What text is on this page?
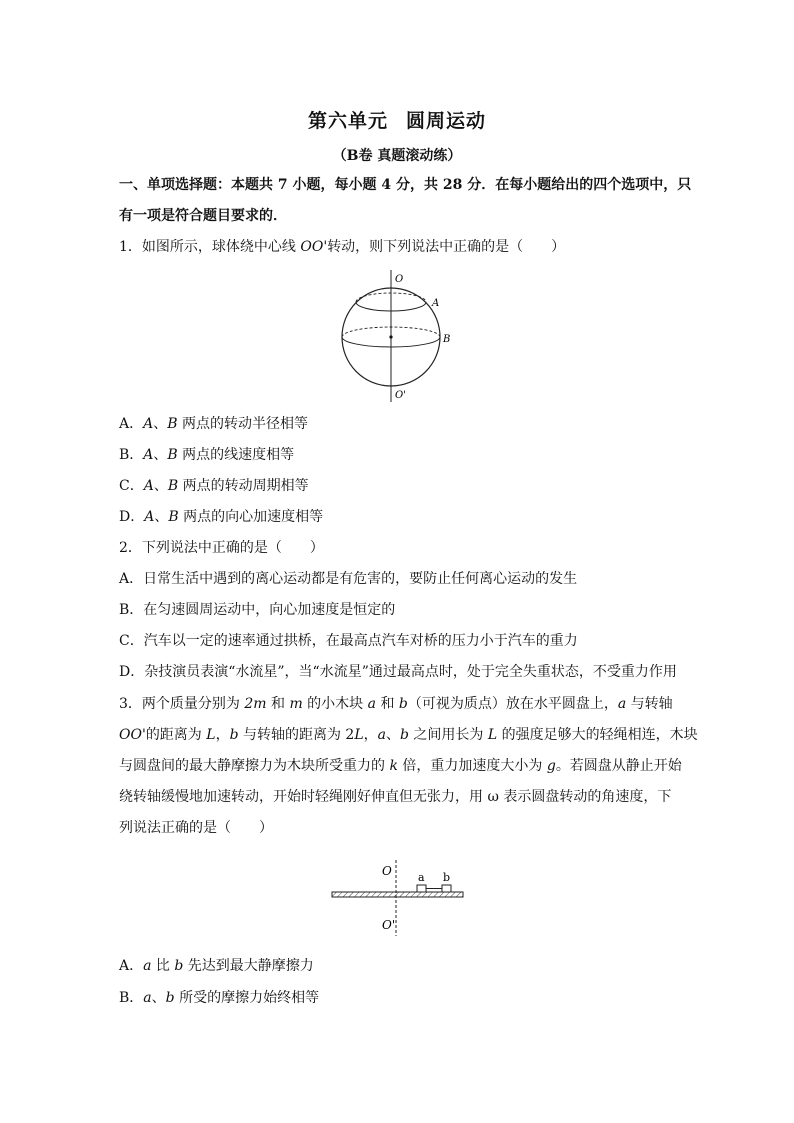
第六单元 圆周运动
（B卷 真题滚动练）
一、单项选择题：本题共 7 小题，每小题 4 分，共 28 分．在每小题给出的四个选项中，只
有一项是符合题目要求的．
1．如图所示，球体绕中心线 OO'转动，则下列说法中正确的是（　　）
O
O'
A
B
A．A、B 两点的转动半径相等
B．A、B 两点的线速度相等
C．A、B 两点的转动周期相等
D．A、B 两点的向心加速度相等
2．下列说法中正确的是（　　）
A．日常生活中遇到的离心运动都是有危害的，要防止任何离心运动的发生
B．在匀速圆周运动中，向心加速度是恒定的
C．汽车以一定的速率通过拱桥，在最高点汽车对桥的压力小于汽车的重力
D．杂技演员表演“水流星”，当“水流星”通过最高点时，处于完全失重状态，不受重力作用
3．两个质量分别为 2m 和 m 的小木块 a 和 b（可视为质点）放在水平圆盘上，a 与转轴
OO'的距离为 L，b 与转轴的距离为 2L，a、b 之间用长为 L 的强度足够大的轻绳相连，木块
与圆盘间的最大静摩擦力为木块所受重力的 k 倍，重力加速度大小为 g。若圆盘从静止开始
绕转轴缓慢地加速转动，开始时轻绳刚好伸直但无张力，用 ω 表示圆盘转动的角速度，下
列说法正确的是（　　）
O
O'
a b
A．a 比 b 先达到最大静摩擦力
B．a、b 所受的摩擦力始终相等
